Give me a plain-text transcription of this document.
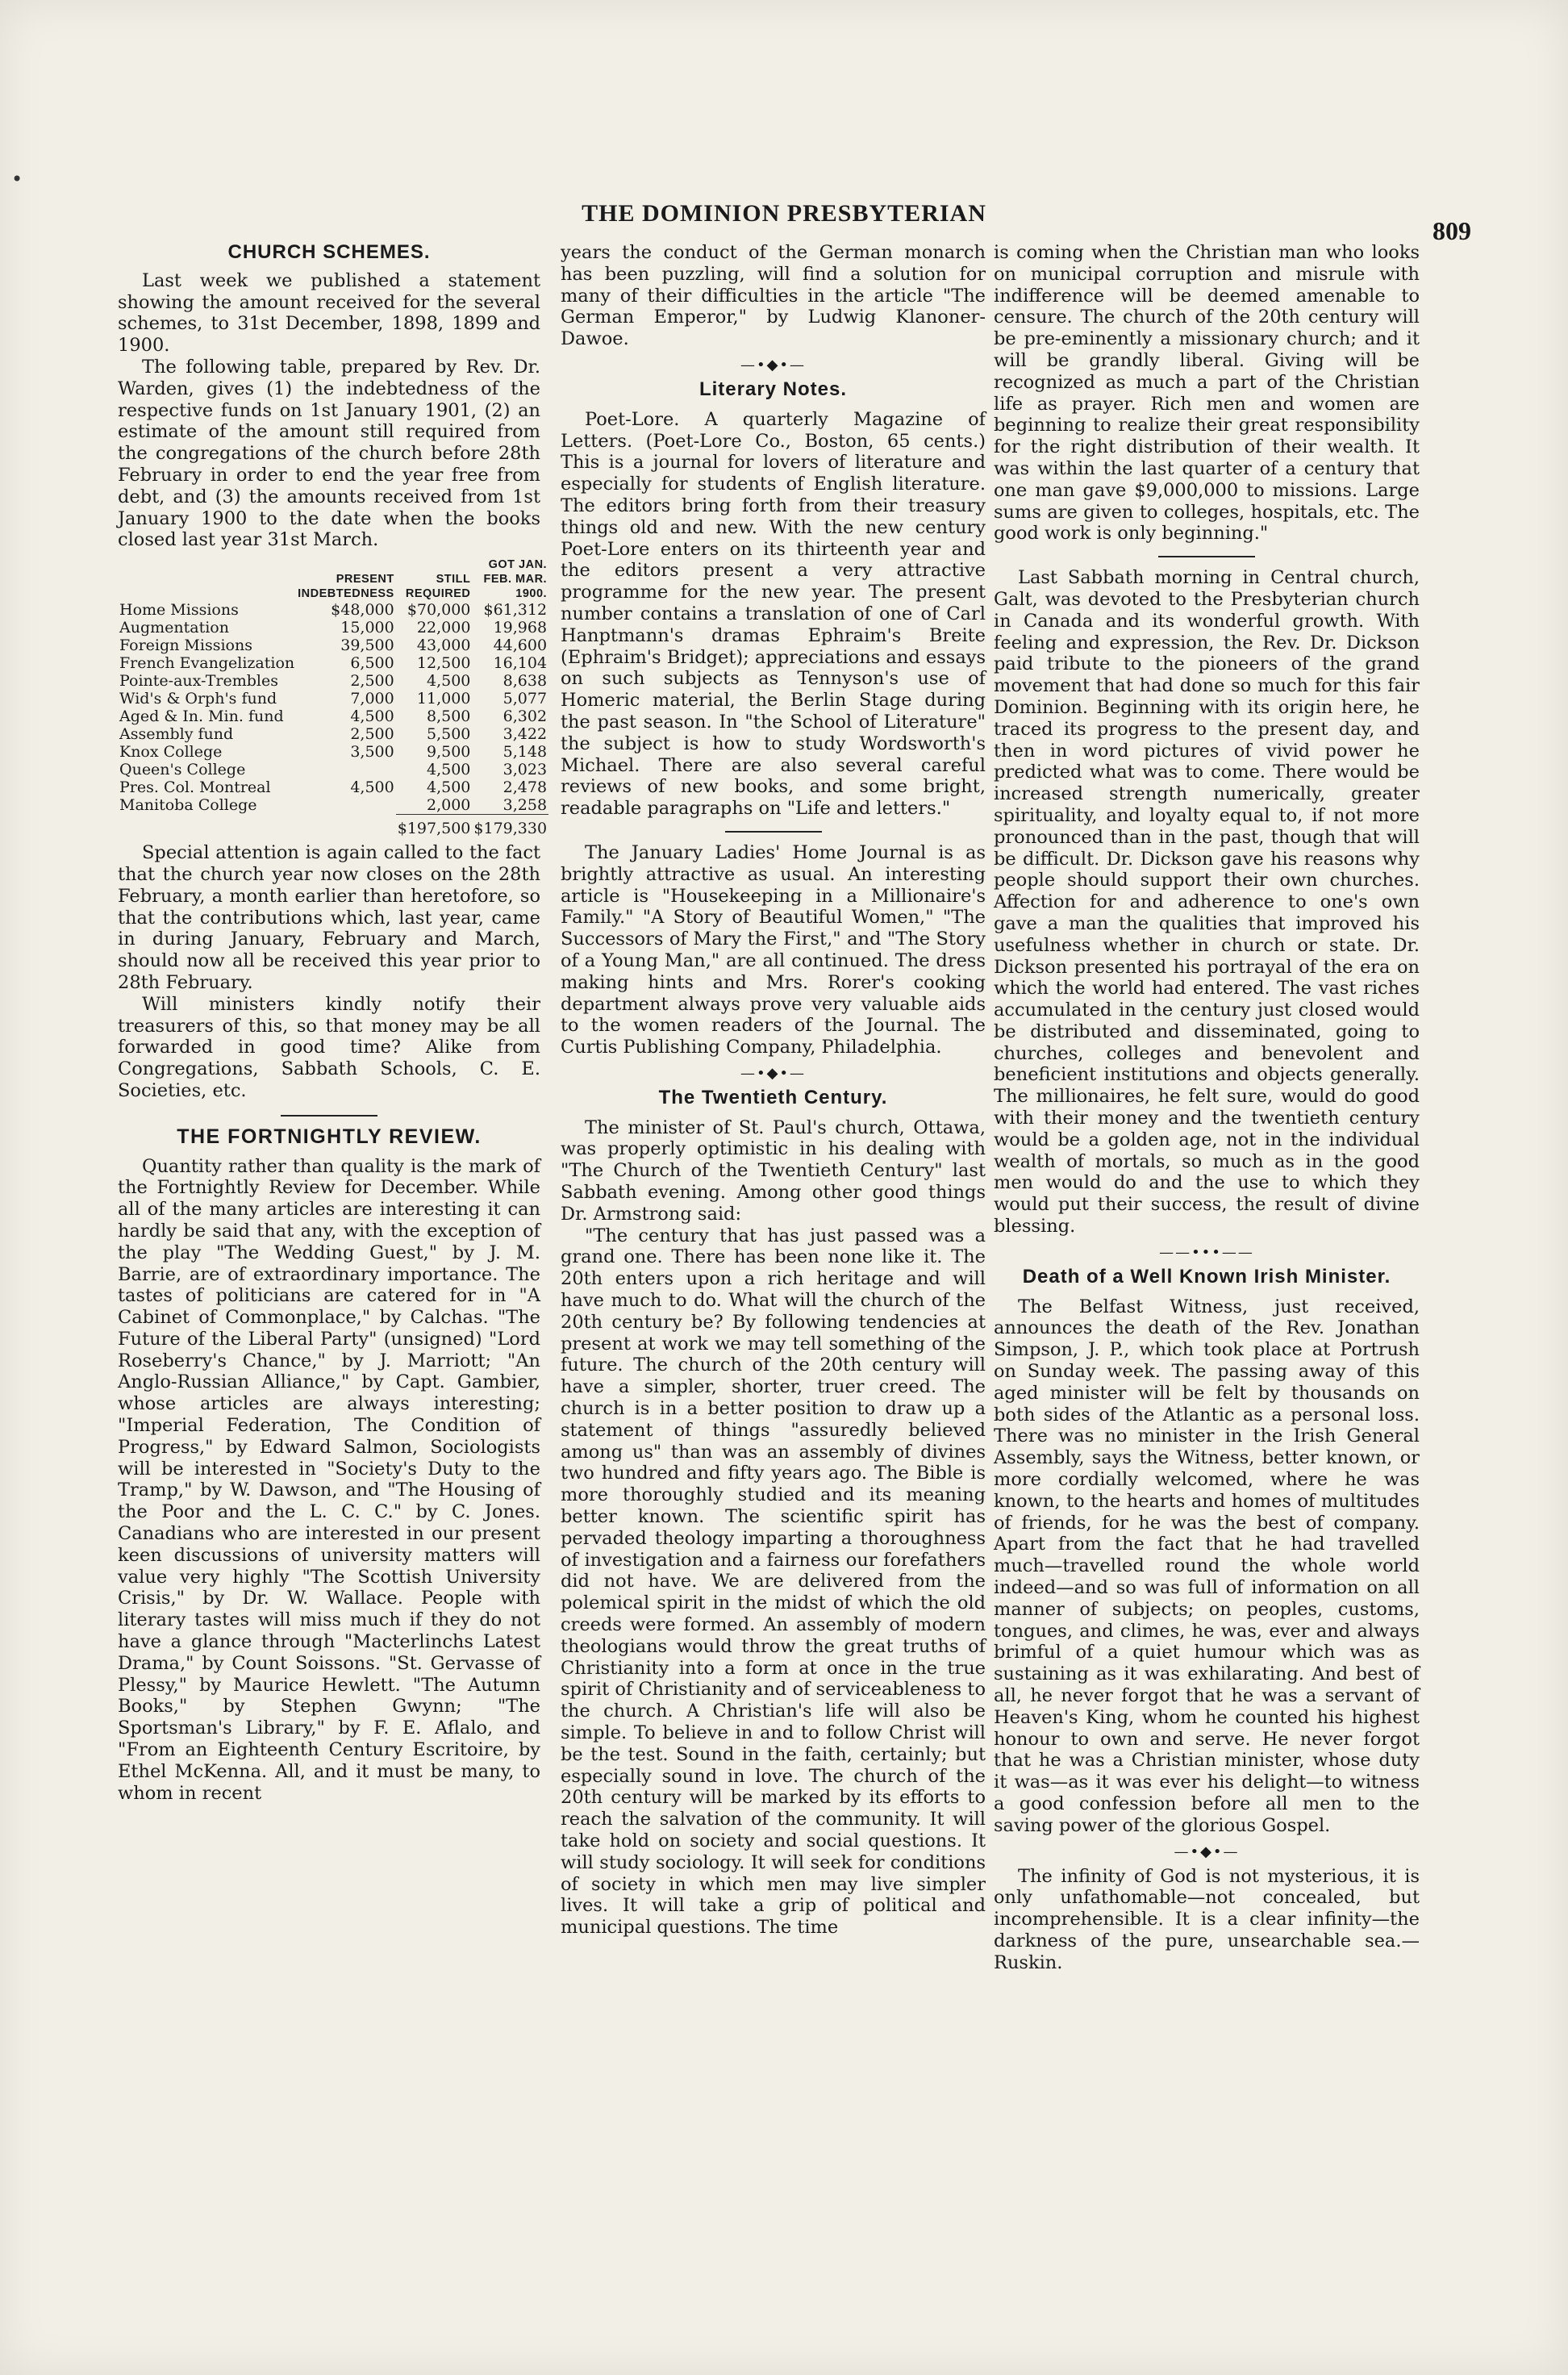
•
THE DOMINION PRESBYTERIAN
809
CHURCH SCHEMES.

Last week we published a statement showing the amount received for the several schemes, to 31st December, 1898, 1899 and 1900.

The following table, prepared by Rev. Dr. Warden, gives (1) the indebtedness of the respective funds on 1st January 1901, (2) an estimate of the amount still required from the congregations of the church before 28th February in order to end the year free from debt, and (3) the amounts received from 1st January 1900 to the date when the books closed last year 31st March.

	PRESENT INDEBTEDNESS	STILL REQUIRED	GOT JAN. FEB. MAR. 1900.
Home Missions	$48,000	$70,000	$61,312
Augmentation	15,000	22,000	19,968
Foreign Missions	39,500	43,000	44,600
French Evangelization	6,500	12,500	16,104
Pointe-aux-Trembles	2,500	4,500	8,638
Wid's & Orph's fund	7,000	11,000	5,077
Aged & In. Min. fund	4,500	8,500	6,302
Assembly fund	2,500	5,500	3,422
Knox College	3,500	9,500	5,148
Queen's College		4,500	3,023
Pres. Col. Montreal	4,500	4,500	2,478
Manitoba College		2,000	3,258
		$197,500	$179,330

Special attention is again called to the fact that the church year now closes on the 28th February, a month earlier than heretofore, so that the contributions which, last year, came in during January, February and March, should now all be received this year prior to 28th February.

Will ministers kindly notify their treasurers of this, so that money may be all forwarded in good time? Alike from Congregations, Sabbath Schools, C. E. Societies, etc.

THE FORTNIGHTLY REVIEW.

Quantity rather than quality is the mark of the Fortnightly Review for December. While all of the many articles are interesting it can hardly be said that any, with the exception of the play "The Wedding Guest," by J. M. Barrie, are of extraordinary importance. The tastes of politicians are catered for in "A Cabinet of Commonplace," by Calchas. "The Future of the Liberal Party" (unsigned) "Lord Roseberry's Chance," by J. Marriott; "An Anglo-Russian Alliance," by Capt. Gambier, whose articles are always interesting; "Imperial Federation, The Condition of Progress," by Edward Salmon, Sociologists will be interested in "Society's Duty to the Tramp," by W. Dawson, and "The Housing of the Poor and the L. C. C." by C. Jones. Canadians who are interested in our present keen discussions of university matters will value very highly "The Scottish University Crisis," by Dr. W. Wallace. People with literary tastes will miss much if they do not have a glance through "Macterlinchs Latest Drama," by Count Soissons. "St. Gervasse of Plessy," by Maurice Hewlett. "The Autumn Books," by Stephen Gwynn; "The Sportsman's Library," by F. E. Aflalo, and "From an Eighteenth Century Escritoire, by Ethel McKenna. All, and it must be many, to whom in recent

years the conduct of the German monarch has been puzzling, will find a solution for many of their difficulties in the article "The German Emperor," by Ludwig Klanoner-Dawoe.

—•◆•—
Literary Notes.

Poet-Lore. A quarterly Magazine of Letters. (Poet-Lore Co., Boston, 65 cents.) This is a journal for lovers of literature and especially for students of English literature. The editors bring forth from their treasury things old and new. With the new century Poet-Lore enters on its thirteenth year and the editors present a very attractive programme for the new year. The present number contains a translation of one of Carl Hanptmann's dramas Ephraim's Breite (Ephraim's Bridget); appreciations and essays on such subjects as Tennyson's use of Homeric material, the Berlin Stage during the past season. In "the School of Literature" the subject is how to study Wordsworth's Michael. There are also several careful reviews of new books, and some bright, readable paragraphs on "Life and letters."

The January Ladies' Home Journal is as brightly attractive as usual. An interesting article is "Housekeeping in a Millionaire's Family." "A Story of Beautiful Women," "The Successors of Mary the First," and "The Story of a Young Man," are all continued. The dress making hints and Mrs. Rorer's cooking department always prove very valuable aids to the women readers of the Journal. The Curtis Publishing Company, Philadelphia.

—•◆•—
The Twentieth Century.

The minister of St. Paul's church, Ottawa, was properly optimistic in his dealing with "The Church of the Twentieth Century" last Sabbath evening. Among other good things Dr. Armstrong said:

"The century that has just passed was a grand one. There has been none like it. The 20th enters upon a rich heritage and will have much to do. What will the church of the 20th century be? By following tendencies at present at work we may tell something of the future. The church of the 20th century will have a simpler, shorter, truer creed. The church is in a better position to draw up a statement of things "assuredly believed among us" than was an assembly of divines two hundred and fifty years ago. The Bible is more thoroughly studied and its meaning better known. The scientific spirit has pervaded theology imparting a thoroughness of investigation and a fairness our forefathers did not have. We are delivered from the polemical spirit in the midst of which the old creeds were formed. An assembly of modern theologians would throw the great truths of Christianity into a form at once in the true spirit of Christianity and of serviceableness to the church. A Christian's life will also be simple. To believe in and to follow Christ will be the test. Sound in the faith, certainly; but especially sound in love. The church of the 20th century will be marked by its efforts to reach the salvation of the community. It will take hold on society and social questions. It will study sociology. It will seek for conditions of society in which men may live simpler lives. It will take a grip of political and municipal questions. The time

is coming when the Christian man who looks on municipal corruption and misrule with indifference will be deemed amenable to censure. The church of the 20th century will be pre-eminently a missionary church; and it will be grandly liberal. Giving will be recognized as much a part of the Christian life as prayer. Rich men and women are beginning to realize their great responsibility for the right distribution of their wealth. It was within the last quarter of a century that one man gave $9,000,000 to missions. Large sums are given to colleges, hospitals, etc. The good work is only beginning."

Last Sabbath morning in Central church, Galt, was devoted to the Presbyterian church in Canada and its wonderful growth. With feeling and expression, the Rev. Dr. Dickson paid tribute to the pioneers of the grand movement that had done so much for this fair Dominion. Beginning with its origin here, he traced its progress to the present day, and then in word pictures of vivid power he predicted what was to come. There would be increased strength numerically, greater spirituality, and loyalty equal to, if not more pronounced than in the past, though that will be difficult. Dr. Dickson gave his reasons why people should support their own churches. Affection for and adherence to one's own gave a man the qualities that improved his usefulness whether in church or state. Dr. Dickson presented his portrayal of the era on which the world had entered. The vast riches accumulated in the century just closed would be distributed and disseminated, going to churches, colleges and benevolent and beneficient institutions and objects generally. The millionaires, he felt sure, would do good with their money and the twentieth century would be a golden age, not in the individual wealth of mortals, so much as in the good men would do and the use to which they would put their success, the result of divine blessing.

——•••——
Death of a Well Known Irish Minister.

The Belfast Witness, just received, announces the death of the Rev. Jonathan Simpson, J. P., which took place at Portrush on Sunday week. The passing away of this aged minister will be felt by thousands on both sides of the Atlantic as a personal loss. There was no minister in the Irish General Assembly, says the Witness, better known, or more cordially welcomed, where he was known, to the hearts and homes of multitudes of friends, for he was the best of company. Apart from the fact that he had travelled much—travelled round the whole world indeed—and so was full of information on all manner of subjects; on peoples, customs, tongues, and climes, he was, ever and always brimful of a quiet humour which was as sustaining as it was exhilarating. And best of all, he never forgot that he was a servant of Heaven's King, whom he counted his highest honour to own and serve. He never forgot that he was a Christian minister, whose duty it was—as it was ever his delight—to witness a good confession before all men to the saving power of the glorious Gospel.

—•◆•—

The infinity of God is not mysterious, it is only unfathomable—not concealed, but incomprehensible. It is a clear infinity—the darkness of the pure, unsearchable sea.—Ruskin.
